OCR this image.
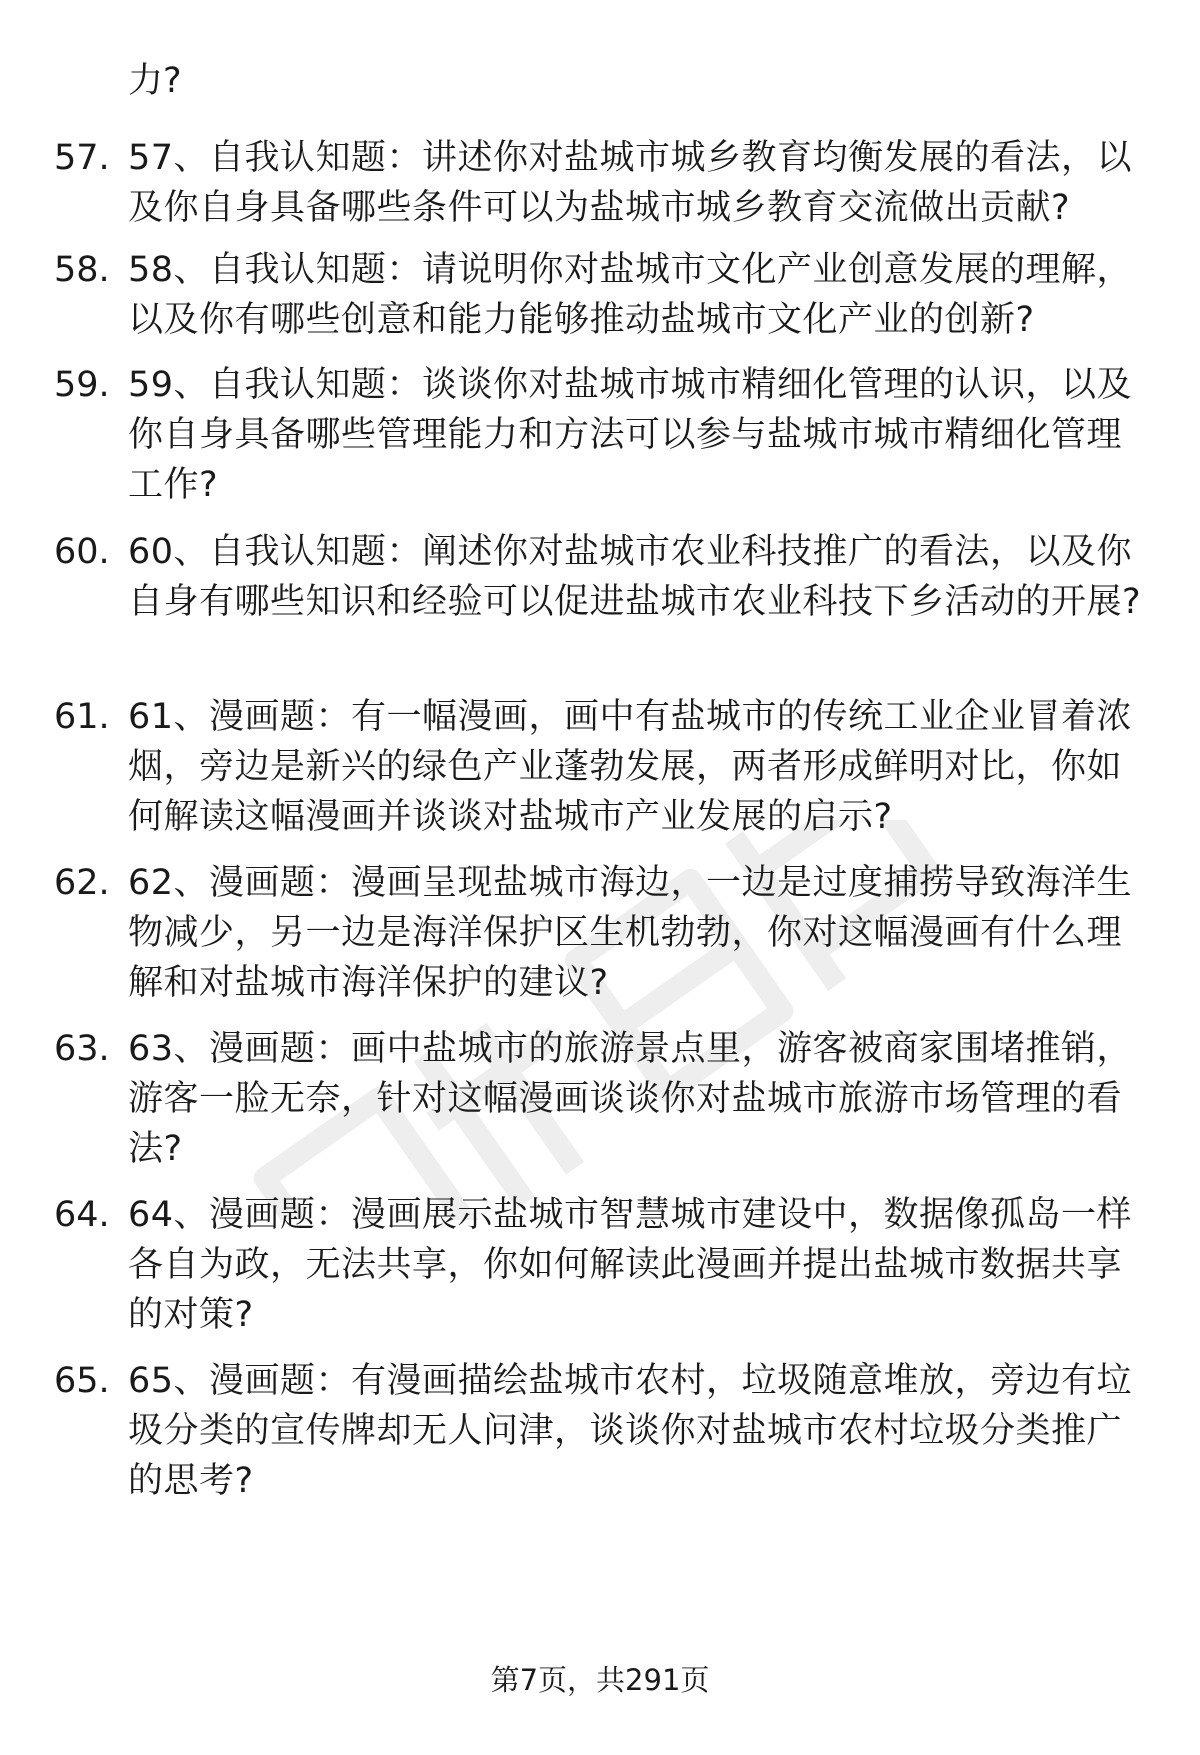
力?

57. 57、自我认知题：讲述你对盐城市城乡教育均衡发展的看法，以及你自身具备哪些条件可以为盐城市城乡教育交流做出贡献?

58. 58、自我认知题：请说明你对盐城市文化产业创意发展的理解，以及你有哪些创意和能力能够推动盐城市文化产业的创新?

59. 59、自我认知题：谈谈你对盐城市城市精细化管理的认识，以及你自身具备哪些管理能力和方法可以参与盐城市城市精细化管理工作?

60. 60、自我认知题：阐述你对盐城市农业科技推广的看法，以及你自身有哪些知识和经验可以促进盐城市农业科技下乡活动的开展?

61. 61、漫画题：有一幅漫画，画中有盐城市的传统工业企业冒着浓烟，旁边是新兴的绿色产业蓬勃发展，两者形成鲜明对比，你如何解读这幅漫画并谈谈对盐城市产业发展的启示?

62. 62、漫画题：漫画呈现盐城市海边，一边是过度捕捞导致海洋生物减少，另一边是海洋保护区生机勃勃，你对这幅漫画有什么理解和对盐城市海洋保护的建议?

63. 63、漫画题：画中盐城市的旅游景点里，游客被商家围堵推销，游客一脸无奈，针对这幅漫画谈谈你对盐城市旅游市场管理的看法?

64. 64、漫画题：漫画展示盐城市智慧城市建设中，数据像孤岛一样各自为政，无法共享，你如何解读此漫画并提出盐城市数据共享的对策?

65. 65、漫画题：有漫画描绘盐城市农村，垃圾随意堆放，旁边有垃圾分类的宣传牌却无人问津，谈谈你对盐城市农村垃圾分类推广的思考?

第7页，共291页
